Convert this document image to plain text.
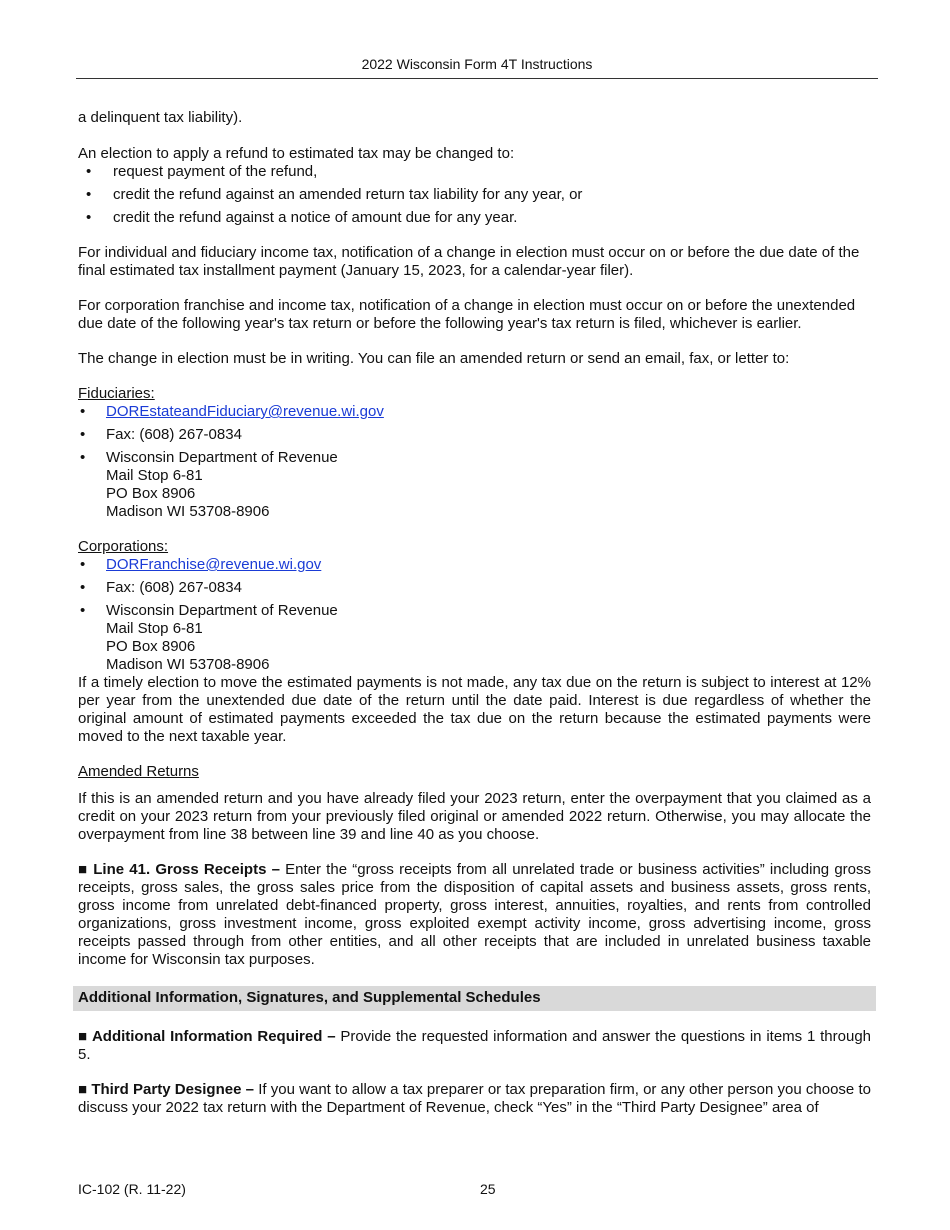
2022 Wisconsin Form 4T Instructions

a delinquent tax liability).

An election to apply a refund to estimated tax may be changed to:

• request payment of the refund,
• credit the refund against an amended return tax liability for any year, or
• credit the refund against a notice of amount due for any year.

For individual and fiduciary income tax, notification of a change in election must occur on or before the due date of the final estimated tax installment payment (January 15, 2023, for a calendar-year filer).

For corporation franchise and income tax, notification of a change in election must occur on or before the unextended due date of the following year's tax return or before the following year's tax return is filed, whichever is earlier.

The change in election must be in writing. You can file an amended return or send an email, fax, or letter to:

Fiduciaries:

• DOREstateandFiduciary@revenue.wi.gov
• Fax: (608) 267-0834
• Wisconsin Department of Revenue
Mail Stop 6-81
PO Box 8906
Madison WI 53708-8906

Corporations:

• DORFranchise@revenue.wi.gov
• Fax: (608) 267-0834
• Wisconsin Department of Revenue
Mail Stop 6-81
PO Box 8906
Madison WI 53708-8906

If a timely election to move the estimated payments is not made, any tax due on the return is subject to interest at 12% per year from the unextended due date of the return until the date paid. Interest is due regardless of whether the original amount of estimated payments exceeded the tax due on the return because the estimated payments were moved to the next taxable year.

Amended Returns

If this is an amended return and you have already filed your 2023 return, enter the overpayment that you claimed as a credit on your 2023 return from your previously filed original or amended 2022 return. Otherwise, you may allocate the overpayment from line 38 between line 39 and line 40 as you choose.

■ Line 41. Gross Receipts – Enter the “gross receipts from all unrelated trade or business activities” including gross receipts, gross sales, the gross sales price from the disposition of capital assets and business assets, gross rents, gross income from unrelated debt-financed property, gross interest, annuities, royalties, and rents from controlled organizations, gross investment income, gross exploited exempt activity income, gross advertising income, gross receipts passed through from other entities, and all other receipts that are included in unrelated business taxable income for Wisconsin tax purposes.

Additional Information, Signatures, and Supplemental Schedules

■ Additional Information Required – Provide the requested information and answer the questions in items 1 through 5.

■ Third Party Designee – If you want to allow a tax preparer or tax preparation firm, or any other person you choose to discuss your 2022 tax return with the Department of Revenue, check “Yes” in the “Third Party Designee” area of

IC-102 (R. 11-22)	25
